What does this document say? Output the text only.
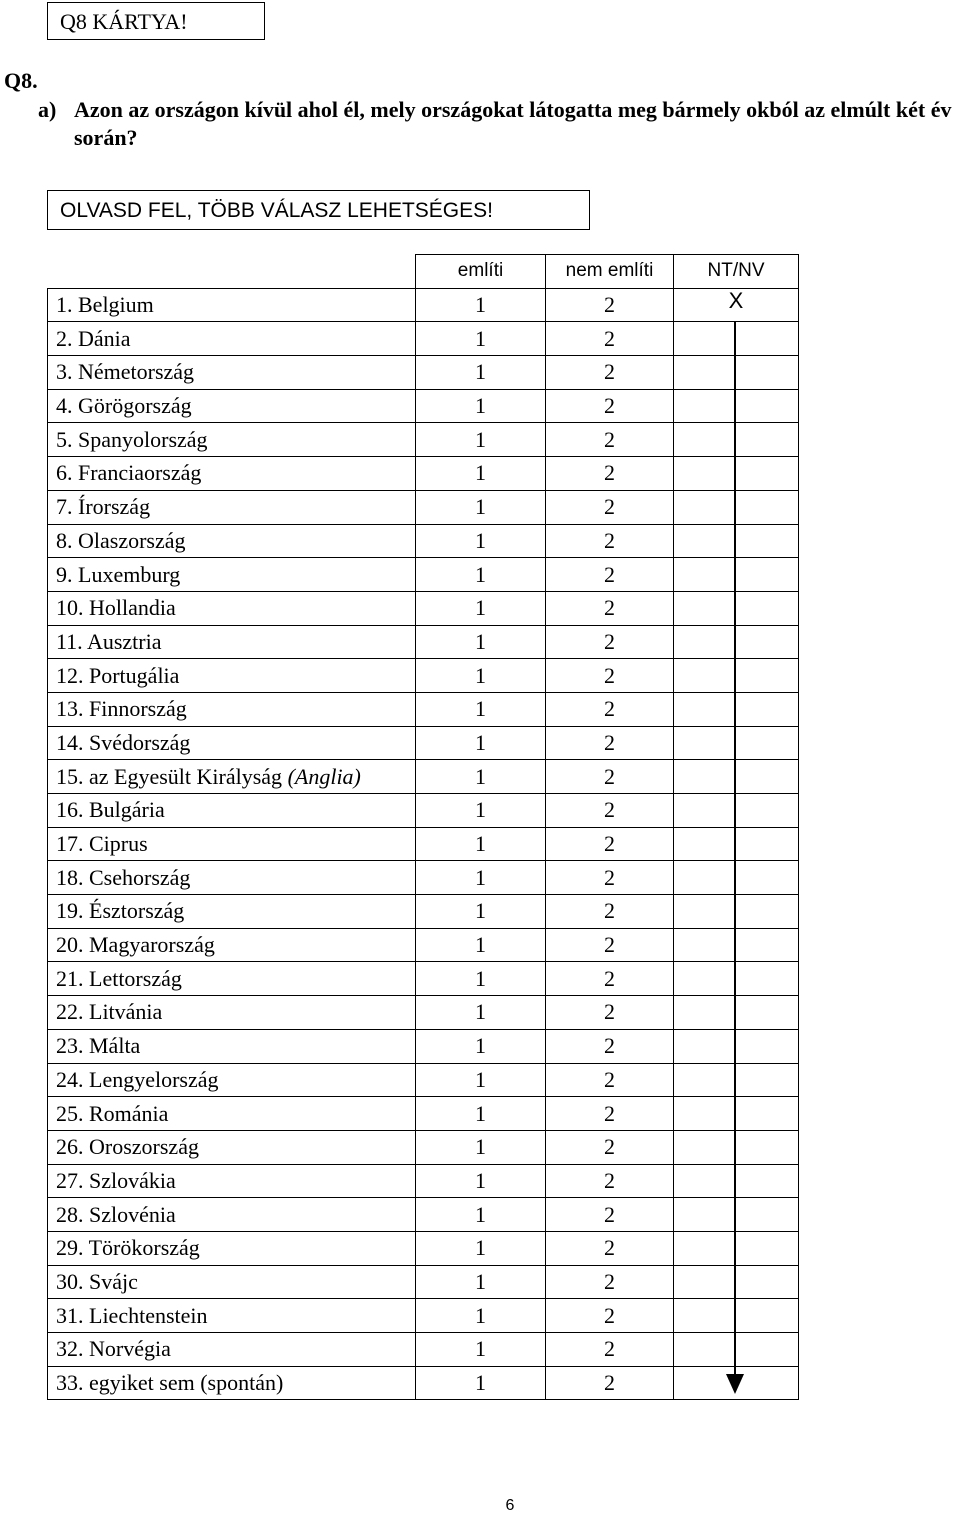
Q8 KÁRTYA!
Q8.
a) Azon az országon kívül ahol él, mely országokat látogatta meg bármely okból az elmúlt két év során?
OLVASD FEL, TÖBB VÁLASZ LEHETSÉGES!
	említi	nem említi	NT/NV
1. Belgium	1	2	
2. Dánia	1	2	
3. Németország	1	2	
4. Görögország	1	2	
5. Spanyolország	1	2	
6. Franciaország	1	2	
7. Írország	1	2	
8. Olaszország	1	2	
9. Luxemburg	1	2	
10. Hollandia	1	2	
11. Ausztria	1	2	
12. Portugália	1	2	
13. Finnország	1	2	
14. Svédország	1	2	
15. az Egyesült Királyság (Anglia)	1	2	
16. Bulgária	1	2	
17. Ciprus	1	2	
18. Csehország	1	2	
19. Észtország	1	2	
20. Magyarország	1	2	
21. Lettország	1	2	
22. Litvánia	1	2	
23. Málta	1	2	
24. Lengyelország	1	2	
25. Románia	1	2	
26. Oroszország	1	2	
27. Szlovákia	1	2	
28. Szlovénia	1	2	
29. Törökország	1	2	
30. Svájc	1	2	
31. Liechtenstein	1	2	
32. Norvégia	1	2	
33. egyiket sem (spontán)	1	2	
X
6
